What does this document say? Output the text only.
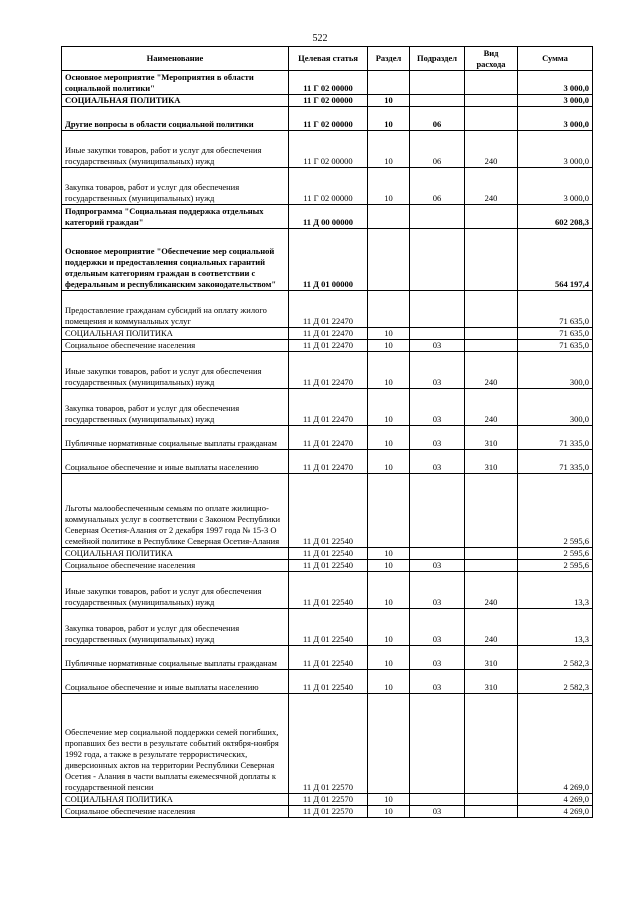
522
Наименование	Целевая статья	Раздел	Подраздел	Вид расхода	Сумма
Основное мероприятие "Мероприятия в области социальной политики"	11 Г 02 00000				3 000,0
СОЦИАЛЬНАЯ ПОЛИТИКА	11 Г 02 00000	10			3 000,0
Другие вопросы в области социальной политики	11 Г 02 00000	10	06		3 000,0
Иные закупки товаров, работ и услуг для обеспечения государственных (муниципальных) нужд	11 Г 02 00000	10	06	240	3 000,0
Закупка товаров, работ и услуг для обеспечения государственных (муниципальных) нужд	11 Г 02 00000	10	06	240	3 000,0
Подпрограмма "Социальная поддержка отдельных категорий граждан"	11 Д 00 00000				602 208,3
Основное мероприятие "Обеспечение мер социальной поддержки и предоставления социальных гарантий отдельным категориям граждан в соответствии с федеральным и республиканским законодательством"	11 Д 01 00000				564 197,4
Предоставление гражданам субсидий на оплату жилого помещения и коммунальных услуг	11 Д 01 22470				71 635,0
СОЦИАЛЬНАЯ ПОЛИТИКА	11 Д 01 22470	10			71 635,0
Социальное обеспечение населения	11 Д 01 22470	10	03		71 635,0
Иные закупки товаров, работ и услуг для обеспечения государственных (муниципальных) нужд	11 Д 01 22470	10	03	240	300,0
Закупка товаров, работ и услуг для обеспечения государственных (муниципальных) нужд	11 Д 01 22470	10	03	240	300,0
Публичные нормативные социальные выплаты гражданам	11 Д 01 22470	10	03	310	71 335,0
Социальное обеспечение и иные выплаты населению	11 Д 01 22470	10	03	310	71 335,0
Льготы малообеспеченным семьям по оплате жилищно-коммунальных услуг в соответствии с Законом Республики Северная Осетия-Алания от 2 декабря 1997 года № 15-З О семейной политике в Республике Северная Осетия-Алания	11 Д 01 22540				2 595,6
СОЦИАЛЬНАЯ ПОЛИТИКА	11 Д 01 22540	10			2 595,6
Социальное обеспечение населения	11 Д 01 22540	10	03		2 595,6
Иные закупки товаров, работ и услуг для обеспечения государственных (муниципальных) нужд	11 Д 01 22540	10	03	240	13,3
Закупка товаров, работ и услуг для обеспечения государственных (муниципальных) нужд	11 Д 01 22540	10	03	240	13,3
Публичные нормативные социальные выплаты гражданам	11 Д 01 22540	10	03	310	2 582,3
Социальное обеспечение и иные выплаты населению	11 Д 01 22540	10	03	310	2 582,3
Обеспечение мер социальной поддержки семей погибших, пропавших без вести в результате событий октября-ноября 1992 года, а также в результате террористических, диверсионных актов на территории Республики Северная Осетия - Алания в части выплаты ежемесячной доплаты к государственной пенсии	11 Д 01 22570				4 269,0
СОЦИАЛЬНАЯ ПОЛИТИКА	11 Д 01 22570	10			4 269,0
Социальное обеспечение населения	11 Д 01 22570	10	03		4 269,0
